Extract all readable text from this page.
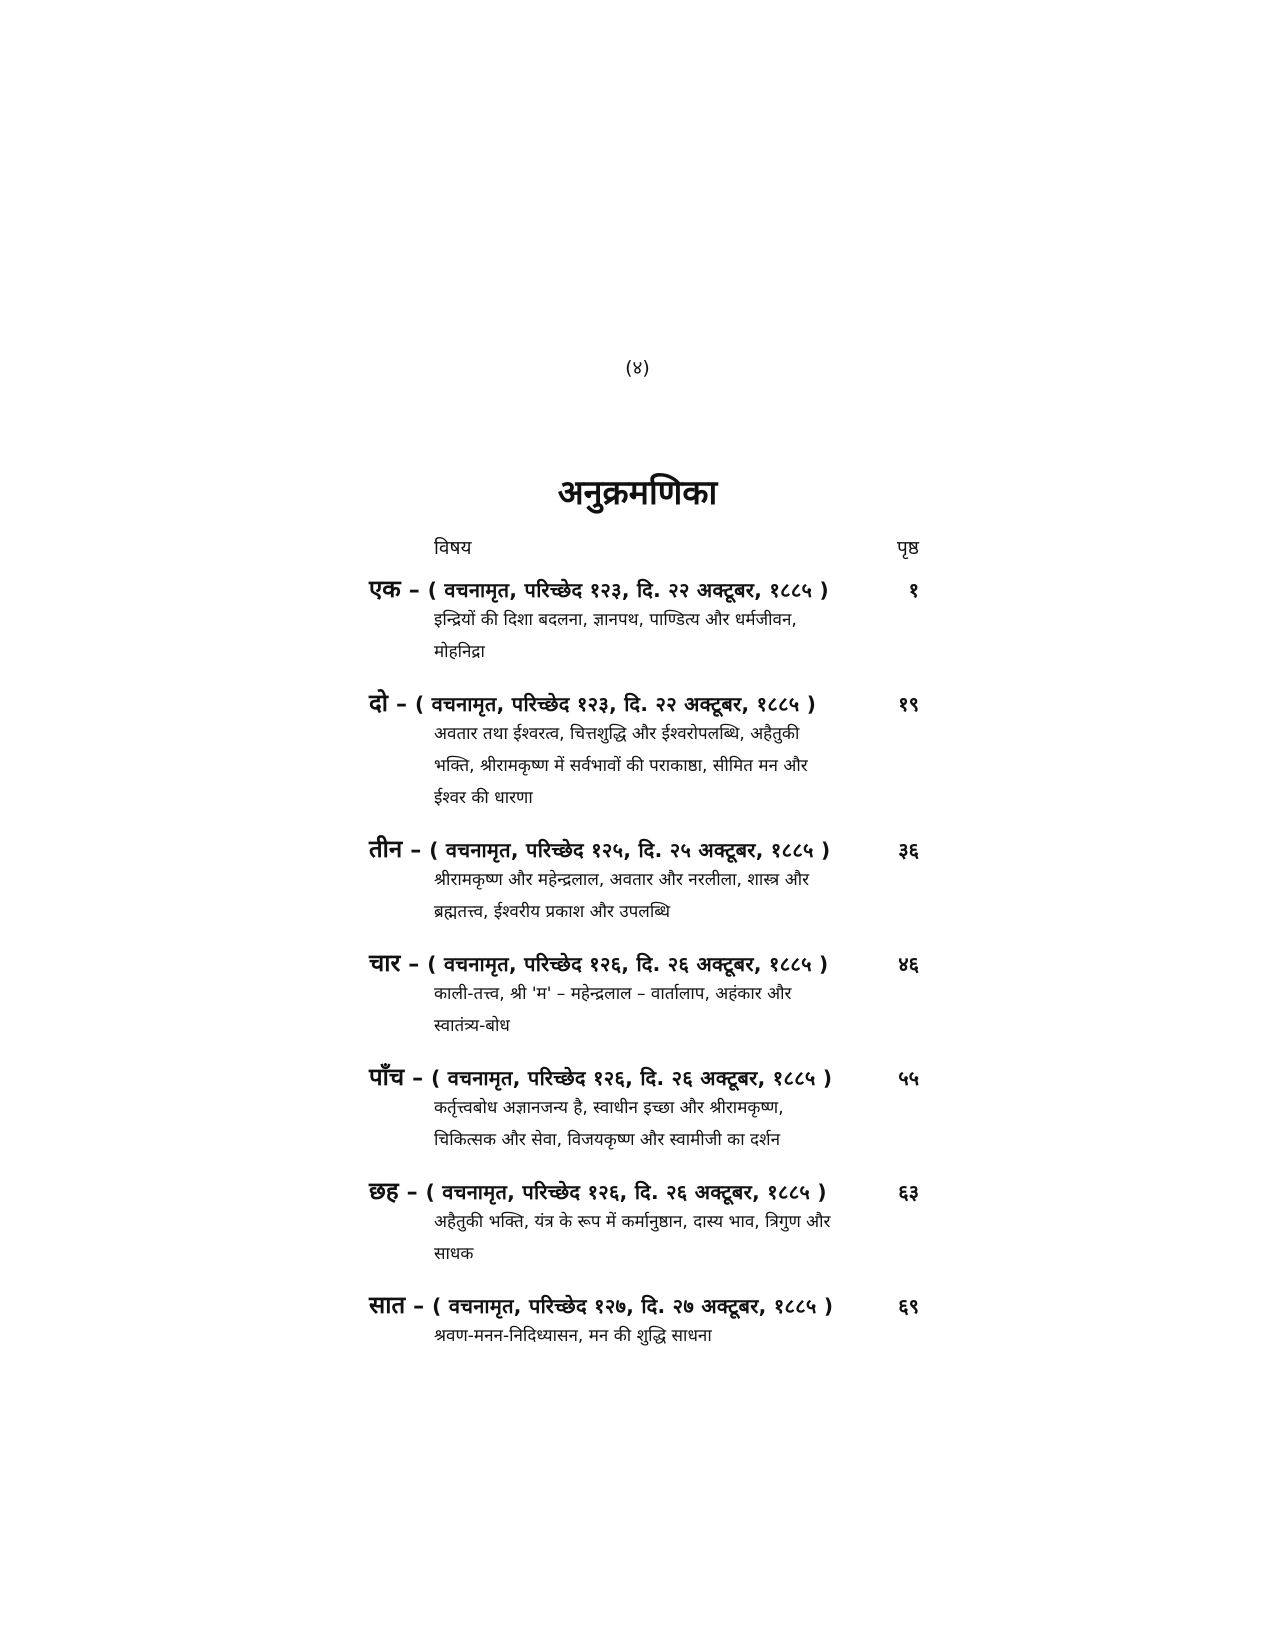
(४)
अनुक्रमणिका
विषय	पृष्ठ
एक – ( वचनामृत, परिच्छेद १२३, दि. २२ अक्टूबर, १८८५ )	१
इन्द्रियों की दिशा बदलना, ज्ञानपथ, पाण्डित्य और धर्मजीवन, मोहनिद्रा
दो – ( वचनामृत, परिच्छेद १२३, दि. २२ अक्टूबर, १८८५ )	१९
अवतार तथा ईश्वरत्व, चित्तशुद्धि और ईश्वरोपलब्धि, अहैतुकी भक्ति, श्रीरामकृष्ण में सर्वभावों की पराकाष्ठा, सीमित मन और ईश्वर की धारणा
तीन – ( वचनामृत, परिच्छेद १२५, दि. २५ अक्टूबर, १८८५ )	३६
श्रीरामकृष्ण और महेन्द्रलाल, अवतार और नरलीला, शास्त्र और ब्रह्मतत्त्व, ईश्वरीय प्रकाश और उपलब्धि
चार – ( वचनामृत, परिच्छेद १२६, दि. २६ अक्टूबर, १८८५ )	४६
काली-तत्त्व, श्री 'म' – महेन्द्रलाल – वार्तालाप, अहंकार और स्वातंत्र्य-बोध
पाँच – ( वचनामृत, परिच्छेद १२६, दि. २६ अक्टूबर, १८८५ )	५५
कर्तृत्त्वबोध अज्ञानजन्य है, स्वाधीन इच्छा और श्रीरामकृष्ण, चिकित्सक और सेवा, विजयकृष्ण और स्वामीजी का दर्शन
छह – ( वचनामृत, परिच्छेद १२६, दि. २६ अक्टूबर, १८८५ )	६३
अहैतुकी भक्ति, यंत्र के रूप में कर्मानुष्ठान, दास्य भाव, त्रिगुण और साधक
सात – ( वचनामृत, परिच्छेद १२७, दि. २७ अक्टूबर, १८८५ )	६९
श्रवण-मनन-निदिध्यासन, मन की शुद्धि साधना
